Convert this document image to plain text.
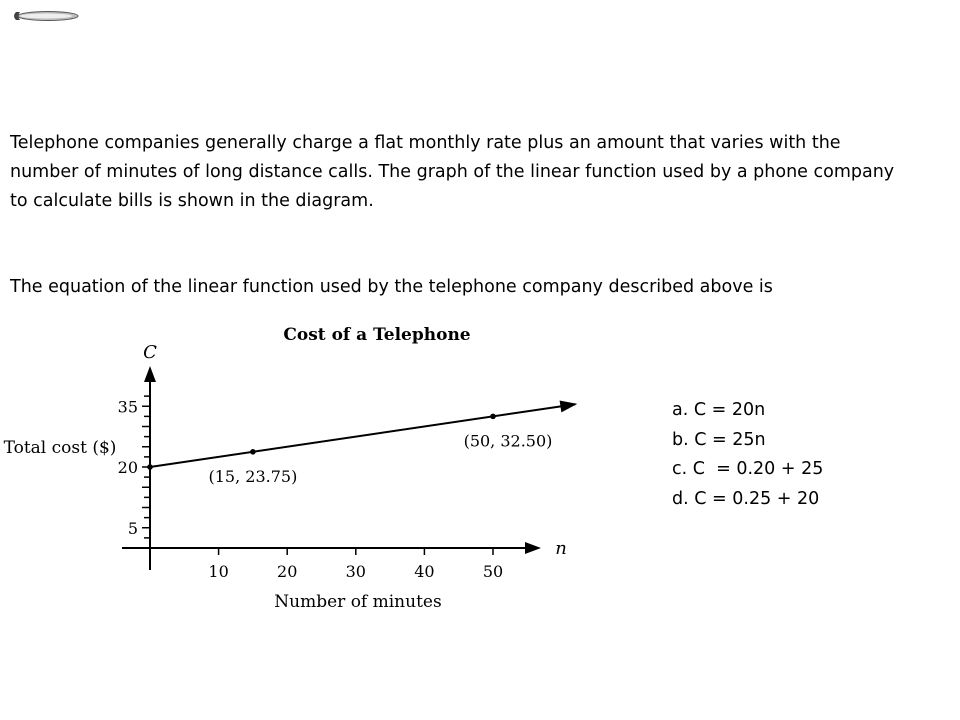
Telephone companies generally charge a flat monthly rate plus an amount that varies with the number of minutes of long distance calls. The graph of the linear function used by a phone company to calculate bills is shown in the diagram.
The equation of the linear function used by the telephone company described above is
Cost of a Telephone
C
n
Total cost ($)
Number of minutes
5
20
35
10	20	30	40	50
(15, 23.75)
(50, 32.50)
a. C = 20n
b. C = 25n
c. C  = 0.20 + 25
d. C = 0.25 + 20
